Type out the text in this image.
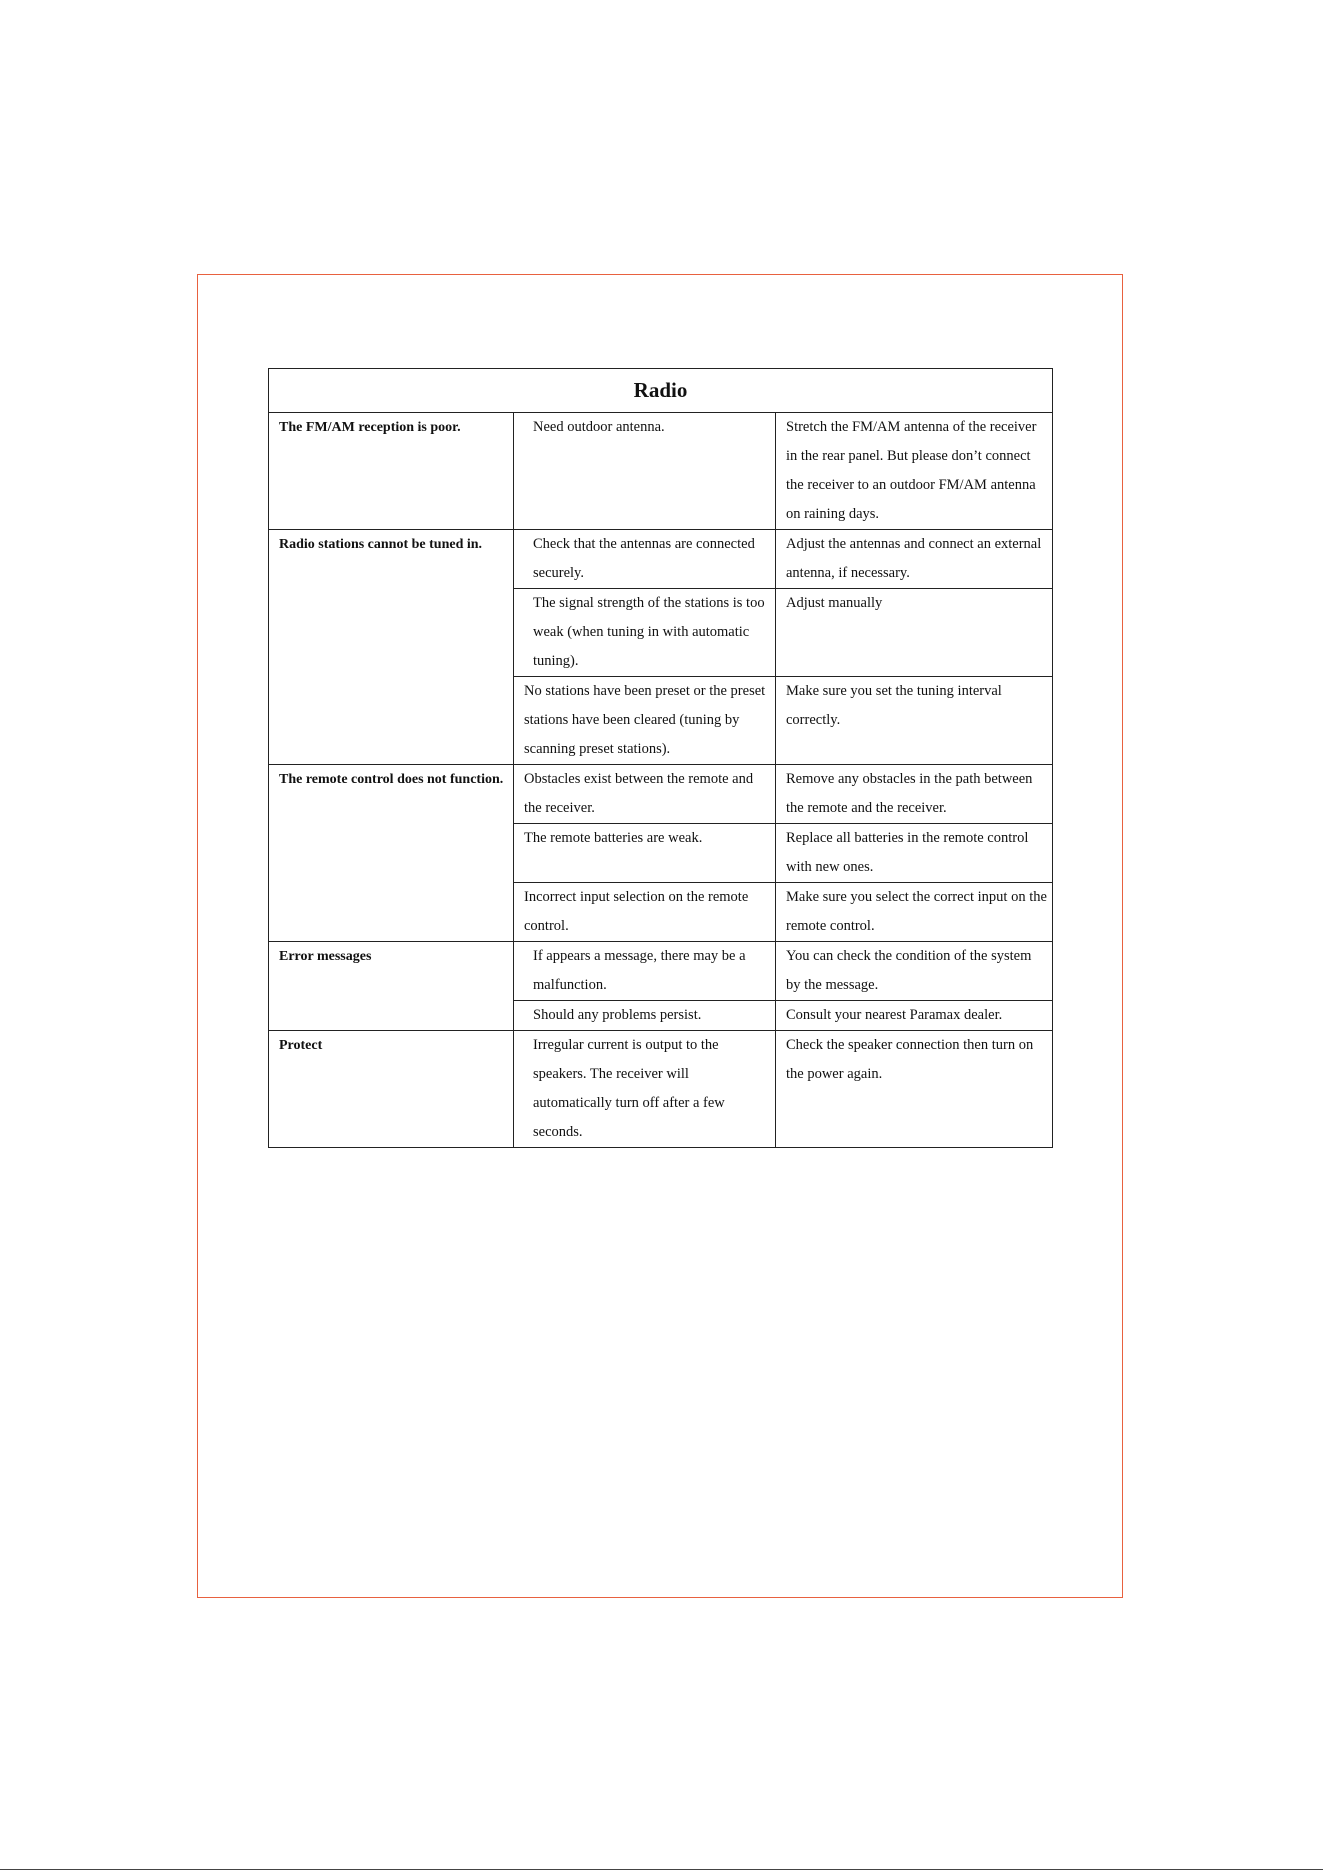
Radio		
The FM/AM reception is poor.	Need outdoor antenna.	Stretch the FM/AM antenna of the receiver in the rear panel. But please don’t connect the receiver to an outdoor FM/AM antenna on raining days.
Radio stations cannot be tuned in.	Check that the antennas are connected securely.	Adjust the antennas and connect an external antenna, if necessary.
	The signal strength of the stations is too weak (when tuning in with automatic tuning).	Adjust manually
	No stations have been preset or the preset stations have been cleared (tuning by scanning preset stations).	Make sure you set the tuning interval correctly.
The remote control does not function.	Obstacles exist between the remote and the receiver.	Remove any obstacles in the path between the remote and the receiver.
	The remote batteries are weak.	Replace all batteries in the remote control with new ones.
	Incorrect input selection on the remote control.	Make sure you select the correct input on the remote control.
Error messages	If appears a message, there may be a malfunction.	You can check the condition of the system by the message.
	Should any problems persist.	Consult your nearest Paramax dealer.
Protect	Irregular current is output to the speakers. The receiver will automatically turn off after a few seconds.	Check the speaker connection then turn on the power again.
